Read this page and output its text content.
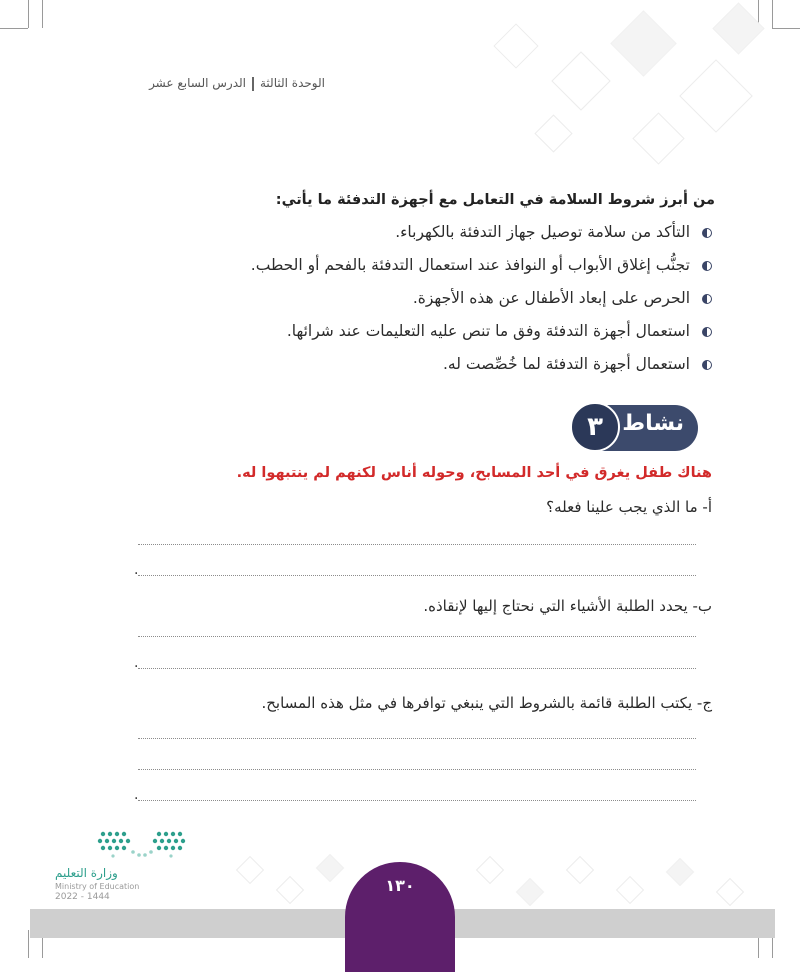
الوحدة الثالثةالدرس السابع عشر
من أبرز شروط السلامة في التعامل مع أجهزة التدفئة ما يأتي:
التأكد من سلامة توصيل جهاز التدفئة بالكهرباء.
تجنُّب إغلاق الأبواب أو النوافذ عند استعمال التدفئة بالفحم أو الحطب.
الحرص على إبعاد الأطفال عن هذه الأجهزة.
استعمال أجهزة التدفئة وفق ما تنص عليه التعليمات عند شرائها.
استعمال أجهزة التدفئة لما خُصِّصت له.
نشاط
٣
هناك طفل يغرق في أحد المسابح، وحوله أناس لكنهم لم ينتبهوا له.
أ- ما الذي يجب علينا فعله؟
.
ب- يحدد الطلبة الأشياء التي نحتاج إليها لإنقاذه.
.
ج- يكتب الطلبة قائمة بالشروط التي ينبغي توافرها في مثل هذه المسابح.
.
وزارة التعليم
Ministry of Education
2022 - 1444
١٣٠
